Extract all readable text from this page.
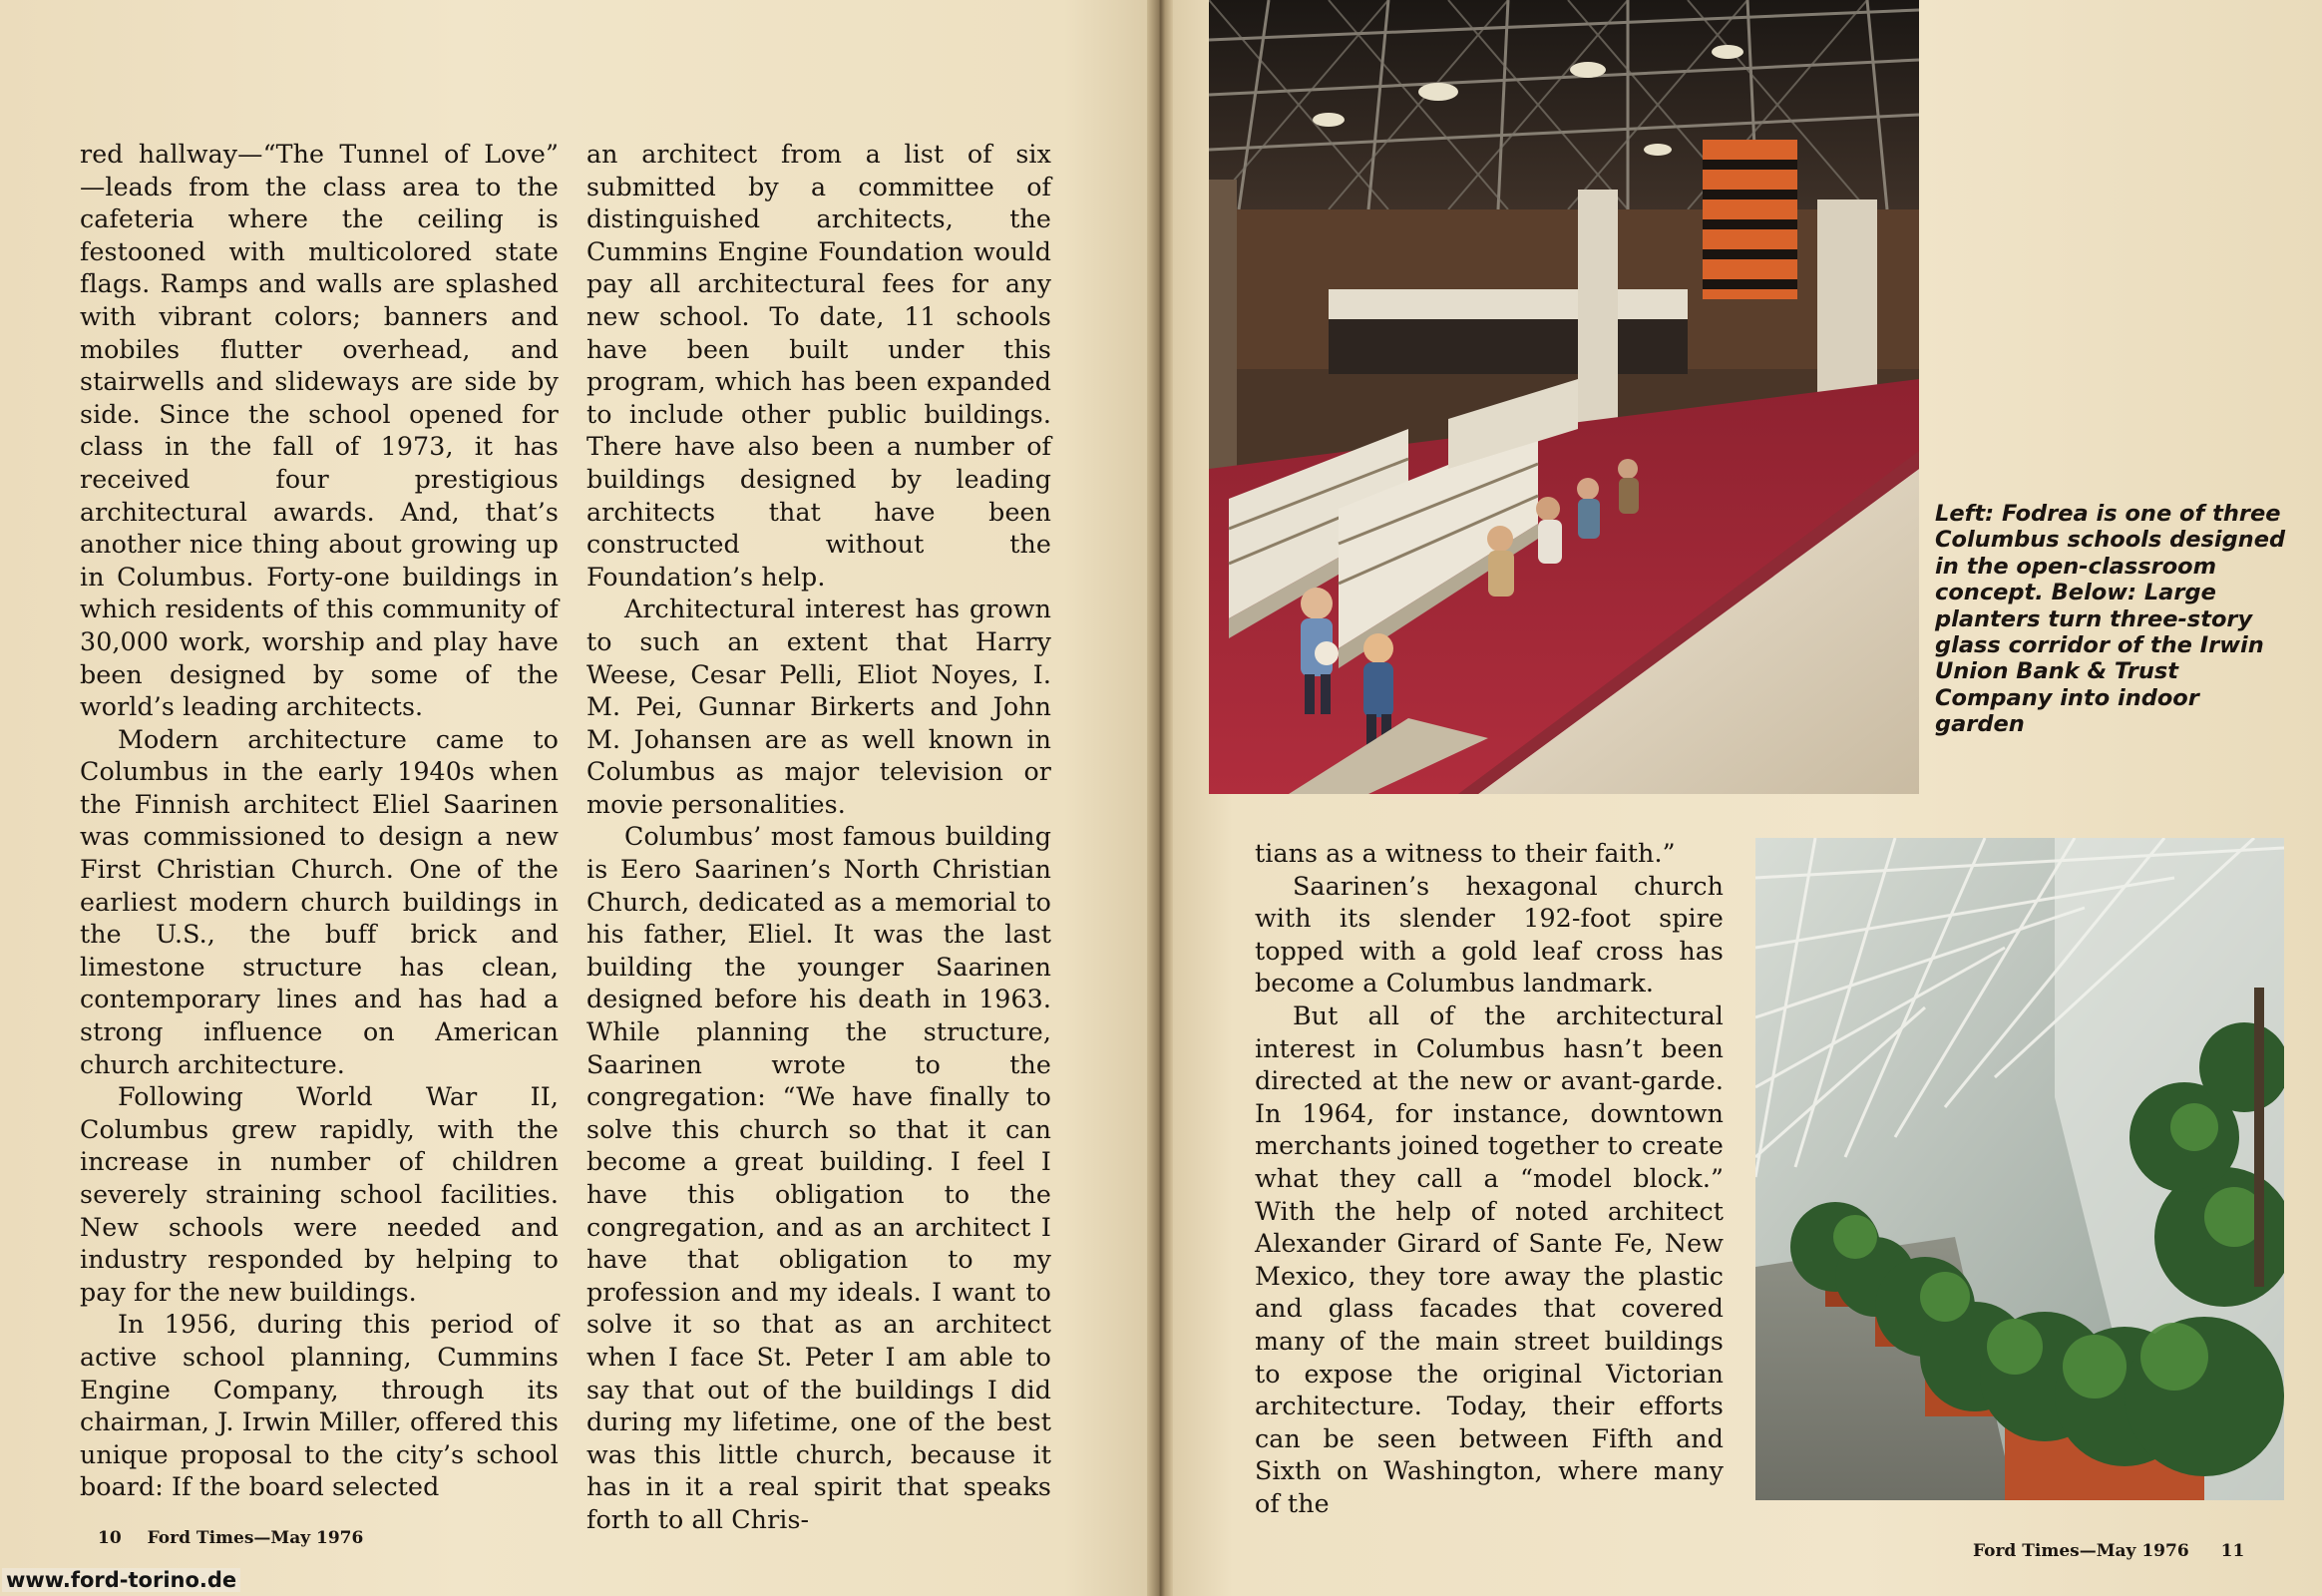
red hallway—“The Tunnel of Love” —leads from the class area to the cafeteria where the ceiling is festooned with multicolored state flags. Ramps and walls are splashed with vibrant colors; banners and mobiles flutter overhead, and stairwells and slideways are side by side. Since the school opened for class in the fall of 1973, it has received four prestigious architectural awards. And, that’s another nice thing about growing up in Columbus. Forty-one buildings in which residents of this community of 30,000 work, worship and play have been designed by some of the world’s leading architects.

Modern architecture came to Columbus in the early 1940s when the Finnish architect Eliel Saarinen was commissioned to design a new First Christian Church. One of the earliest modern church buildings in the U.S., the buff brick and limestone structure has clean, contemporary lines and has had a strong influence on American church architecture.

Following World War II, Columbus grew rapidly, with the increase in number of children severely straining school facilities. New schools were needed and industry responded by helping to pay for the new buildings.

In 1956, during this period of active school planning, Cummins Engine Company, through its chairman, J. Irwin Miller, offered this unique proposal to the city’s school board: If the board selected

an architect from a list of six submitted by a committee of distinguished architects, the Cummins Engine Foundation would pay all architectural fees for any new school. To date, 11 schools have been built under this program, which has been expanded to include other public buildings. There have also been a number of buildings designed by leading architects that have been constructed without the Foundation’s help.

Architectural interest has grown to such an extent that Harry Weese, Cesar Pelli, Eliot Noyes, I. M. Pei, Gunnar Birkerts and John M. Johansen are as well known in Columbus as major television or movie personalities.

Columbus’ most famous building is Eero Saarinen’s North Christian Church, dedicated as a memorial to his father, Eliel. It was the last building the younger Saarinen designed before his death in 1963. While planning the structure, Saarinen wrote to the congregation: “We have finally to solve this church so that it can become a great building. I feel I have this obligation to the congregation, and as an architect I have that obligation to my profession and my ideals. I want to solve it so that as an architect when I face St. Peter I am able to say that out of the buildings I did during my lifetime, one of the best was this little church, because it has in it a real spirit that speaks forth to all Chris-

10 Ford Times—May 1976
www.ford-torino.de
Left: Fodrea is one of three Columbus schools designed in the open-classroom concept. Below: Large planters turn three-story glass corridor of the Irwin Union Bank & Trust Company into indoor garden

tians as a witness to their faith.”

Saarinen’s hexagonal church with its slender 192-foot spire topped with a gold leaf cross has become a Columbus landmark.

But all of the architectural interest in Columbus hasn’t been directed at the new or avant-garde. In 1964, for instance, downtown merchants joined together to create what they call a “model block.” With the help of noted architect Alexander Girard of Sante Fe, New Mexico, they tore away the plastic and glass facades that covered many of the main street buildings to expose the original Victorian architecture. Today, their efforts can be seen between Fifth and Sixth on Washington, where many of the

Ford Times—May 1976 11
